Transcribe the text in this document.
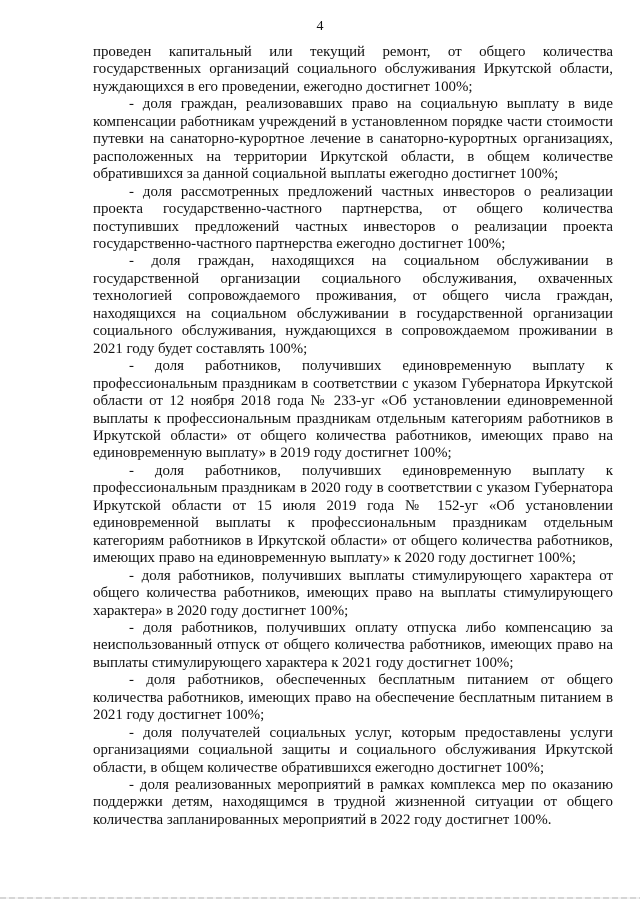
4

проведен капитальный или текущий ремонт, от общего количества государственных организаций социального обслуживания Иркутской области, нуждающихся в его проведении, ежегодно достигнет 100%;

- доля граждан, реализовавших право на социальную выплату в виде компенсации работникам учреждений в установленном порядке части стоимости путевки на санаторно-курортное лечение в санаторно-курортных организациях, расположенных на территории Иркутской области, в общем количестве обратившихся за данной социальной выплаты ежегодно достигнет 100%;

- доля рассмотренных предложений частных инвесторов о реализации проекта государственно-частного партнерства, от общего количества поступивших предложений частных инвесторов о реализации проекта государственно-частного партнерства ежегодно достигнет 100%;

- доля граждан, находящихся на социальном обслуживании в государственной организации социального обслуживания, охваченных технологией сопровождаемого проживания, от общего числа граждан, находящихся на социальном обслуживании в государственной организации социального обслуживания, нуждающихся в сопровождаемом проживании в 2021 году будет составлять 100%;

- доля работников, получивших единовременную выплату к профессиональным праздникам в соответствии с указом Губернатора Иркутской области от 12 ноября 2018 года № 233-уг «Об установлении единовременной выплаты к профессиональным праздникам отдельным категориям работников в Иркутской области» от общего количества работников, имеющих право на единовременную выплату» в 2019 году достигнет 100%;

- доля работников, получивших единовременную выплату к профессиональным праздникам в 2020 году в соответствии с указом Губернатора Иркутской области от 15 июля 2019 года № 152-уг «Об установлении единовременной выплаты к профессиональным праздникам отдельным категориям работников в Иркутской области» от общего количества работников, имеющих право на единовременную выплату» к 2020 году достигнет 100%;

- доля работников, получивших выплаты стимулирующего характера от общего количества работников, имеющих право на выплаты стимулирующего характера» в 2020 году достигнет 100%;

- доля работников, получивших оплату отпуска либо компенсацию за неиспользованный отпуск от общего количества работников, имеющих право на выплаты стимулирующего характера к 2021 году достигнет 100%;

- доля работников, обеспеченных бесплатным питанием от общего количества работников, имеющих право на обеспечение бесплатным питанием в 2021 году достигнет 100%;

- доля получателей социальных услуг, которым предоставлены услуги организациями социальной защиты и социального обслуживания Иркутской области, в общем количестве обратившихся ежегодно достигнет 100%;

- доля реализованных мероприятий в рамках комплекса мер по оказанию поддержки детям, находящимся в трудной жизненной ситуации от общего количества запланированных мероприятий в 2022 году достигнет 100%.
